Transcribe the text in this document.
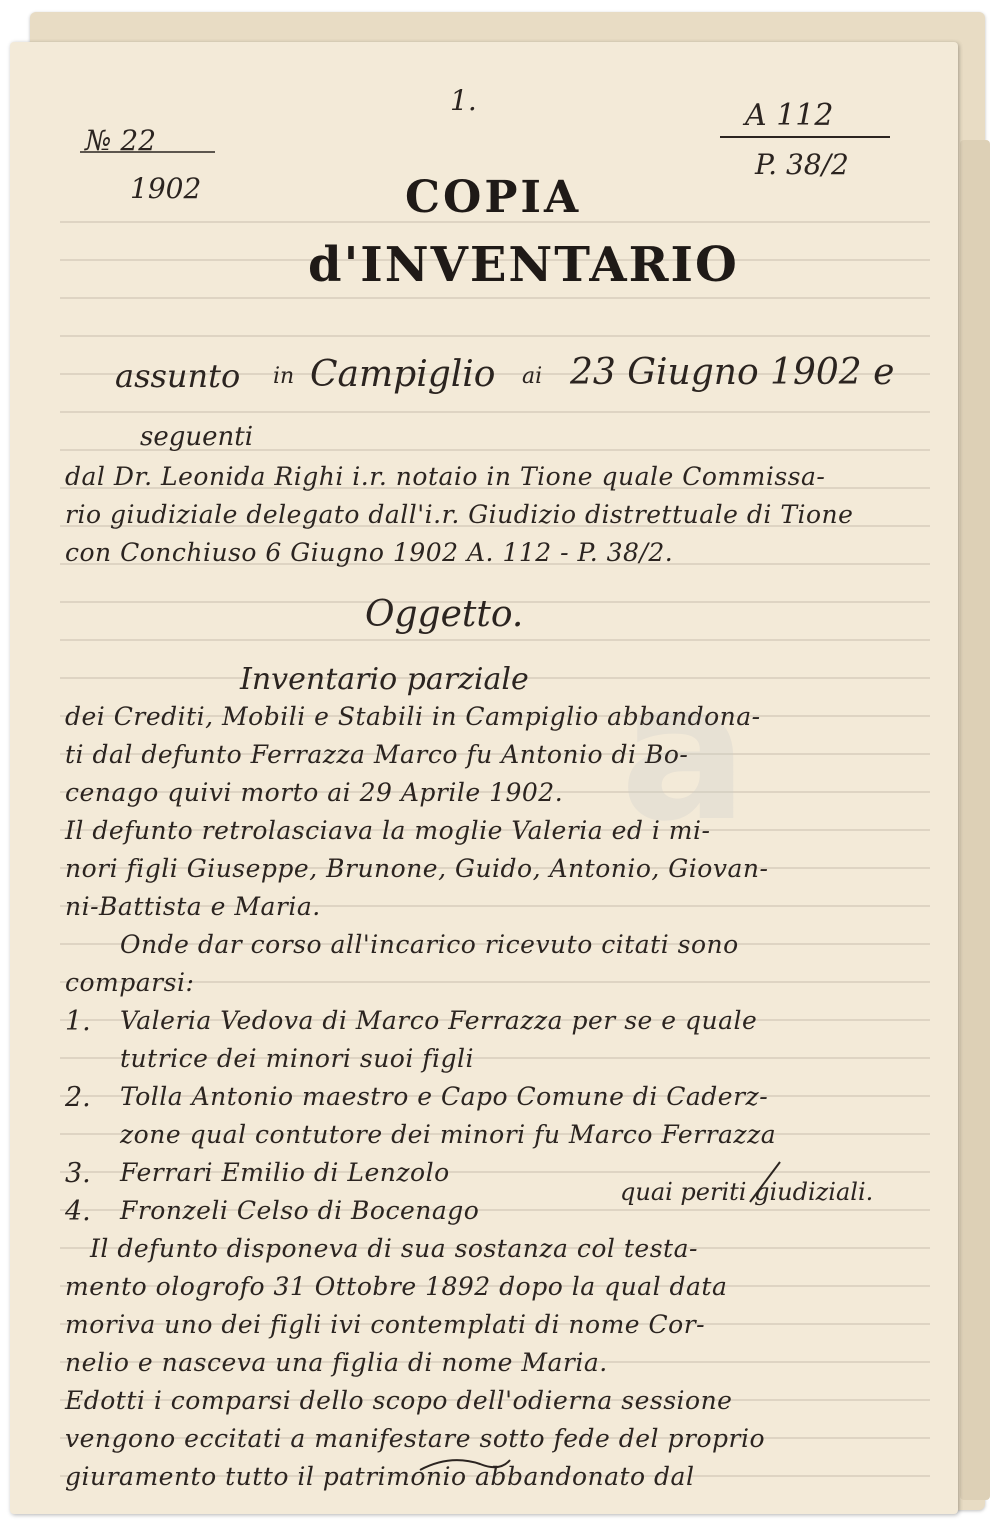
a
1.
№ 22
1902
A 112
P. 38/2
COPIA
d'INVENTARIO
assunto in Campiglio ai 23 Giugno 1902 e
seguenti
dal Dr. Leonida Righi i.r. notaio in Tione quale Commissa-
rio giudiziale delegato dall'i.r. Giudizio distrettuale di Tione
con Conchiuso 6 Giugno 1902 A. 112 - P. 38/2.
Oggetto.
Inventario parziale
dei Crediti, Mobili e Stabili in Campiglio abbandona-
ti dal defunto Ferrazza Marco fu Antonio di Bo-
cenago quivi morto ai 29 Aprile 1902.
Il defunto retrolasciava la moglie Valeria ed i mi-
nori figli Giuseppe, Brunone, Guido, Antonio, Giovan-
ni-Battista e Maria.
Onde dar corso all'incarico ricevuto citati sono
comparsi:
1. Valeria Vedova di Marco Ferrazza per se e quale
tutrice dei minori suoi figli
2. Tolla Antonio maestro e Capo Comune di Caderz-
zone qual contutore dei minori fu Marco Ferrazza
3. Ferrari Emilio di Lenzolo
4. Fronzeli Celso di Bocenago
quai periti giudiziali.
Il defunto disponeva di sua sostanza col testa-
mento ologrofo 31 Ottobre 1892 dopo la qual data
moriva uno dei figli ivi contemplati di nome Cor-
nelio e nasceva una figlia di nome Maria.
Edotti i comparsi dello scopo dell'odierna sessione
vengono eccitati a manifestare sotto fede del proprio
giuramento tutto il patrimonio abbandonato dal
